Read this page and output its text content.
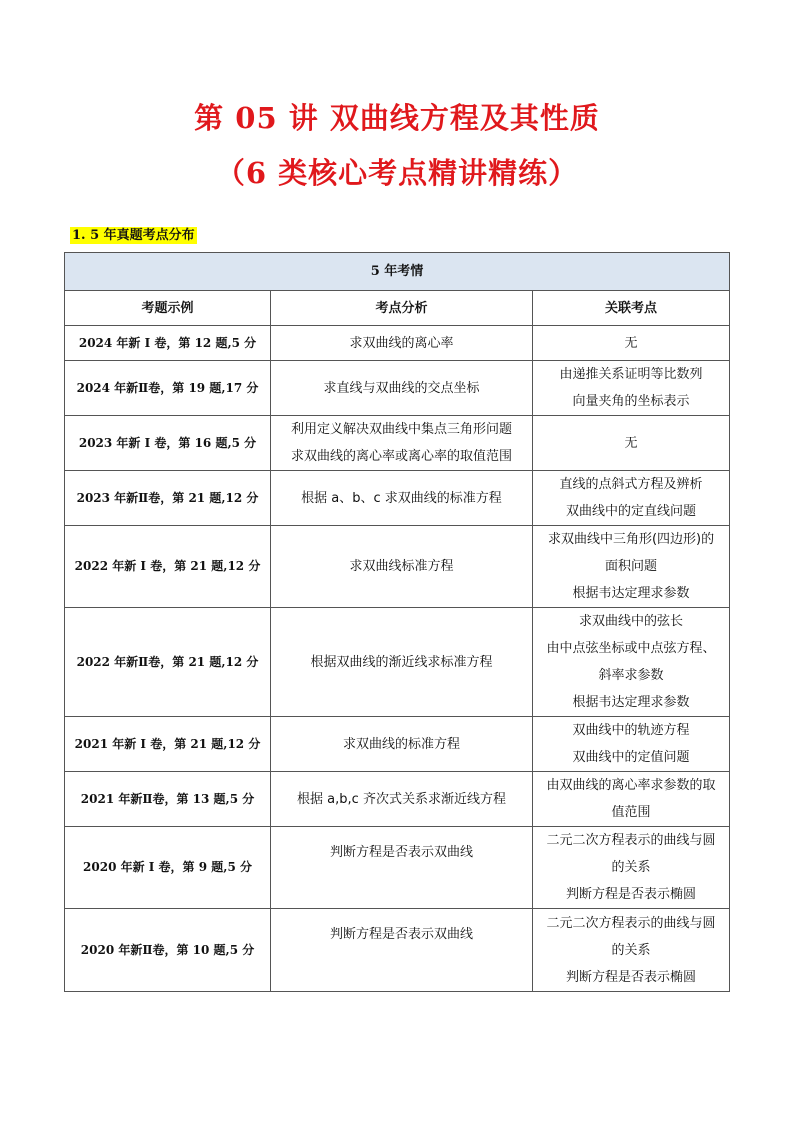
第 05 讲 双曲线方程及其性质
（6 类核心考点精讲精练）
1. 5 年真题考点分布
5 年考情		
考题示例	考点分析	关联考点

2024 年新 I 卷，第 12 题,5 分	求双曲线的离心率	无

2024 年新Ⅱ卷，第 19 题,17 分	求直线与双曲线的交点坐标	由递推关系证明等比数列
向量夹角的坐标表示

2023 年新 I 卷，第 16 题,5 分	利用定义解决双曲线中集点三角形问题
求双曲线的离心率或离心率的取值范围	无

2023 年新Ⅱ卷，第 21 题,12 分	根据 a、b、c 求双曲线的标准方程	直线的点斜式方程及辨析
双曲线中的定直线问题

2022 年新 I 卷，第 21 题,12 分	求双曲线标准方程	求双曲线中三角形(四边形)的
面积问题
根据韦达定理求参数

2022 年新Ⅱ卷，第 21 题,12 分	根据双曲线的渐近线求标准方程	求双曲线中的弦长
由中点弦坐标或中点弦方程、
斜率求参数
根据韦达定理求参数

2021 年新 I 卷，第 21 题,12 分	求双曲线的标准方程	双曲线中的轨迹方程
双曲线中的定值问题

2021 年新Ⅱ卷，第 13 题,5 分	根据 a,b,c 齐次式关系求渐近线方程	由双曲线的离心率求参数的取
值范围

2020 年新 I 卷，第 9 题,5 分	判断方程是否表示双曲线	二元二次方程表示的曲线与圆
的关系
判断方程是否表示椭圆

2020 年新Ⅱ卷，第 10 题,5 分	判断方程是否表示双曲线	二元二次方程表示的曲线与圆
的关系
判断方程是否表示椭圆
